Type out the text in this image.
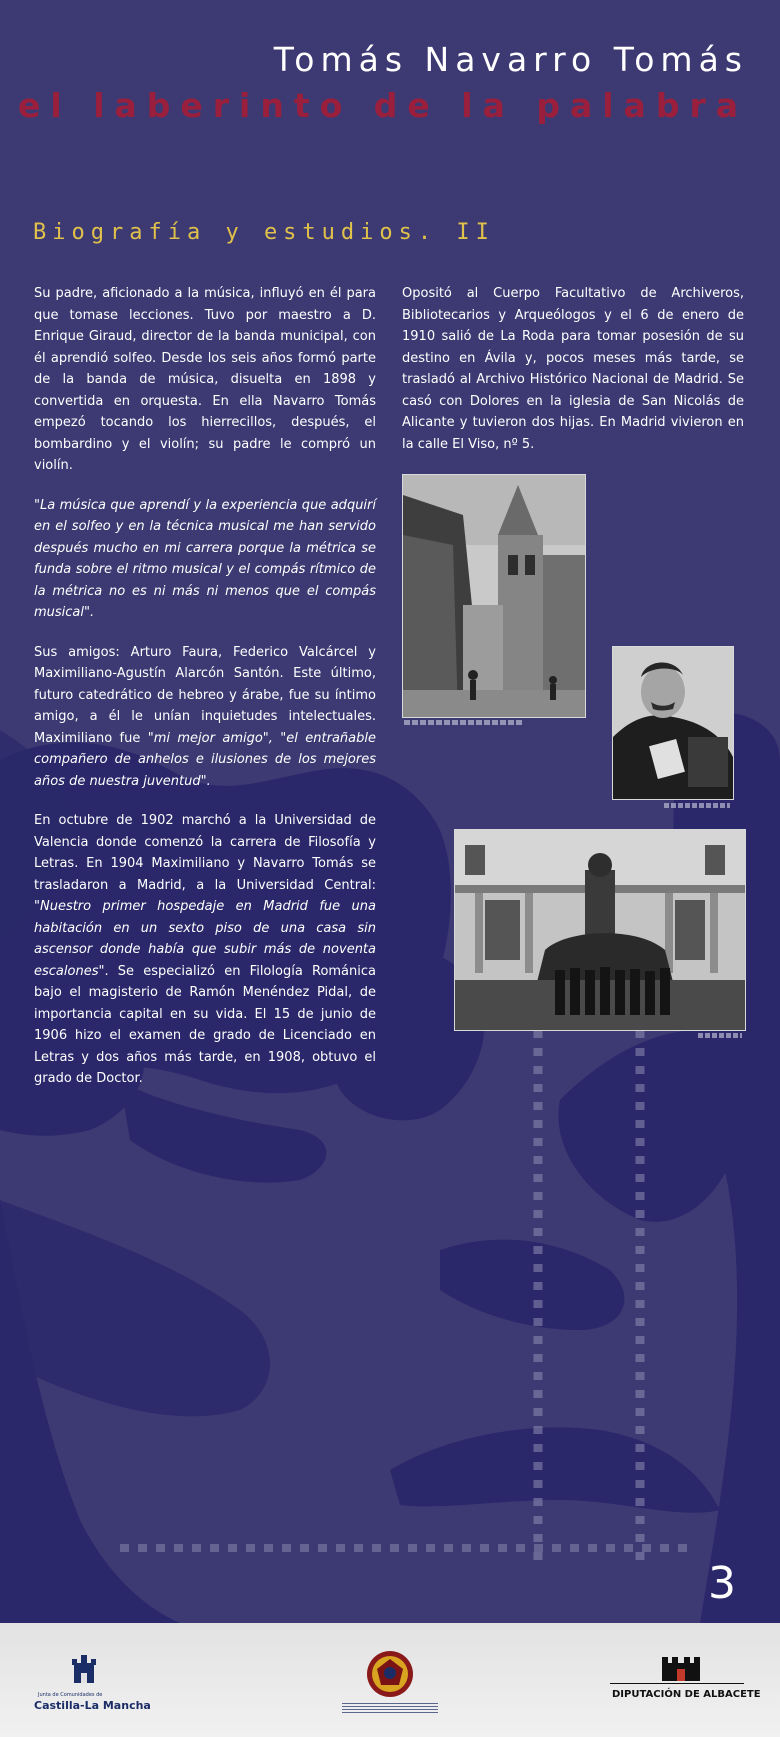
Tomás Navarro Tomás
el laberinto de la palabra
Biografía y estudios. II

Su padre, aficionado a la música, influyó en él para que tomase lecciones. Tuvo por maestro a D. Enrique Giraud, director de la banda municipal, con él aprendió solfeo. Desde los seis años formó parte de la banda de música, disuelta en 1898 y convertida en orquesta. En ella Navarro Tomás empezó tocando los hierrecillos, después, el bombardino y el violín; su padre le compró un violín.

"La música que aprendí y la experiencia que adquirí en el solfeo y en la técnica musical me han servido después mucho en mi carrera porque la métrica se funda sobre el ritmo musical y el compás rítmico de la métrica no es ni más ni menos que el compás musical".

Sus amigos: Arturo Faura, Federico Valcárcel y Maximiliano-Agustín Alarcón Santón. Este último, futuro catedrático de hebreo y árabe, fue su íntimo amigo, a él le unían inquietudes intelectuales. Maximiliano fue "mi mejor amigo", "el entrañable compañero de anhelos e ilusiones de los mejores años de nuestra juventud".

En octubre de 1902 marchó a la Universidad de Valencia donde comenzó la carrera de Filosofía y Letras. En 1904 Maximiliano y Navarro Tomás se trasladaron a Madrid, a la Universidad Central: "Nuestro primer hospedaje en Madrid fue una habitación en un sexto piso de una casa sin ascensor donde había que subir más de noventa escalones". Se especializó en Filología Románica bajo el magisterio de Ramón Menéndez Pidal, de importancia capital en su vida. El 15 de junio de 1906 hizo el examen de grado de Licenciado en Letras y dos años más tarde, en 1908, obtuvo el grado de Doctor.

Opositó al Cuerpo Facultativo de Archiveros, Bibliotecarios y Arqueólogos y el 6 de enero de 1910 salió de La Roda para tomar posesión de su destino en Ávila y, pocos meses más tarde, se trasladó al Archivo Histórico Nacional de Madrid. Se casó con Dolores en la iglesia de San Nicolás de Alicante y tuvieron dos hijas. En Madrid vivieron en la calle El Viso, nº 5.

3
Junta de Comunidades de
Castilla-La Mancha
DIPUTACIÓN DE ALBACETE
